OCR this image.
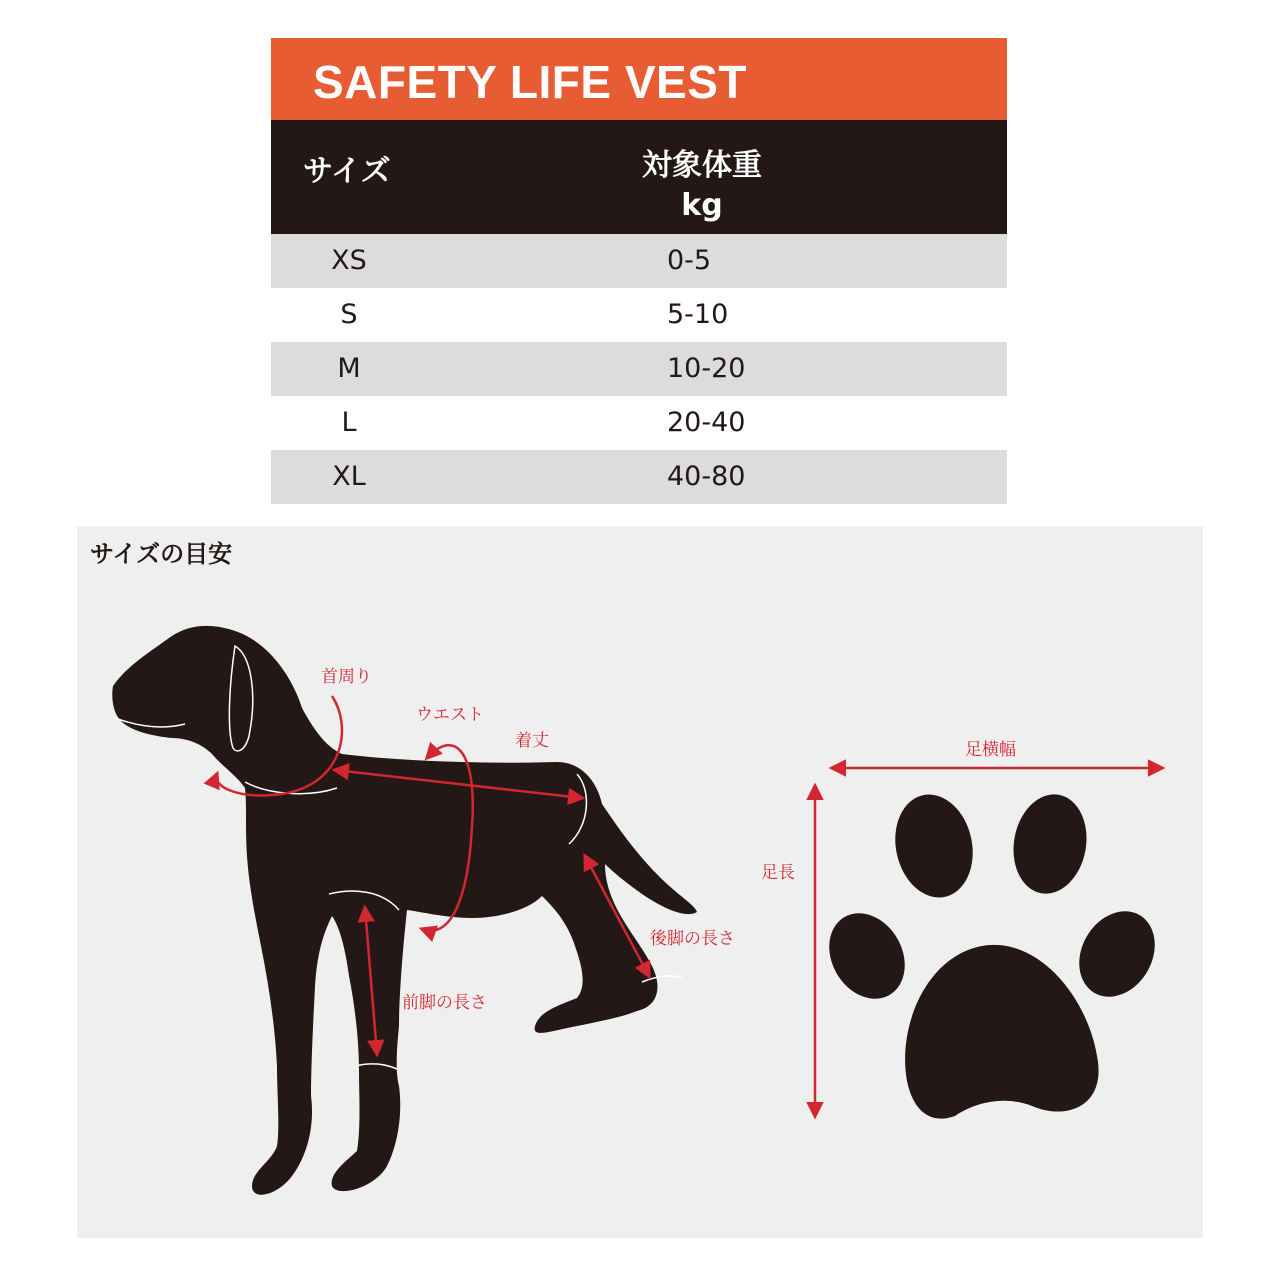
SAFETY LIFE VEST
サイズ	対象体重
kg
XS	0-5
S	5-10
M	10-20
L	20-40
XL	40-80
サイズの目安
首周り
ウエスト
着丈
前脚の長さ
後脚の長さ
足横幅
足長
